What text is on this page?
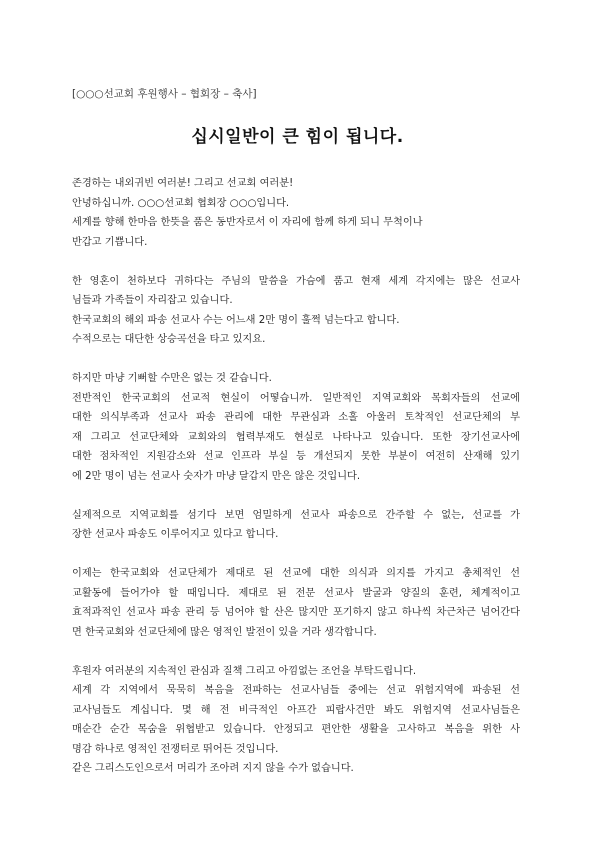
[○○○선교회 후원행사 – 협회장 – 축사]
십시일반이 큰 힘이 됩니다.
존경하는 내외귀빈 여러분! 그리고 선교회 여러분!
안녕하십니까. ○○○선교회 협회장 ○○○입니다.
세계를 향해 한마음 한뜻을 품은 동반자로서 이 자리에 함께 하게 되니 무척이나
반갑고 기쁩니다.
한 영혼이 천하보다 귀하다는 주님의 말씀을 가슴에 품고 현재 세계 각지에는 많은 선교사
님들과 가족들이 자리잡고 있습니다.
한국교회의 해외 파송 선교사 수는 어느새 2만 명이 훌쩍 넘는다고 합니다.
수적으로는 대단한 상승곡선을 타고 있지요.
하지만 마냥 기뻐할 수만은 없는 것 같습니다.
전반적인 한국교회의 선교적 현실이 어떻습니까. 일반적인 지역교회와 목회자들의 선교에
대한 의식부족과 선교사 파송 관리에 대한 무관심과 소홀 아울러 토착적인 선교단체의 부
재 그리고 선교단체와 교회와의 협력부재도 현실로 나타나고 있습니다. 또한 장기선교사에
대한 점차적인 지원감소와 선교 인프라 부실 등 개선되지 못한 부분이 여전히 산재해 있기
에 2만 명이 넘는 선교사 숫자가 마냥 달갑지 만은 않은 것입니다.
실제적으로 지역교회를 섬기다 보면 엄밀하게 선교사 파송으로 간주할 수 없는, 선교를 가
장한 선교사 파송도 이루어지고 있다고 합니다.
이제는 한국교회와 선교단체가 제대로 된 선교에 대한 의식과 의지를 가지고 총체적인 선
교활동에 들어가야 할 때입니다. 제대로 된 전문 선교사 발굴과 양질의 훈련, 체계적이고
효적과적인 선교사 파송 관리 등 넘어야 할 산은 많지만 포기하지 않고 하나씩 차근차근 넘어간다
면 한국교회와 선교단체에 많은 영적인 발전이 있을 거라 생각합니다.
후원자 여러분의 지속적인 관심과 질책 그리고 아낌없는 조언을 부탁드립니다.
세계 각 지역에서 묵묵히 복음을 전파하는 선교사님들 중에는 선교 위험지역에 파송된 선
교사님들도 계십니다. 몇 해 전 비극적인 아프간 피랍사건만 봐도 위험지역 선교사님들은
매순간 순간 목숨을 위협받고 있습니다. 안정되고 편안한 생활을 고사하고 복음을 위한 사
명감 하나로 영적인 전쟁터로 뛰어든 것입니다.
같은 그리스도인으로서 머리가 조아려 지지 않을 수가 없습니다.
